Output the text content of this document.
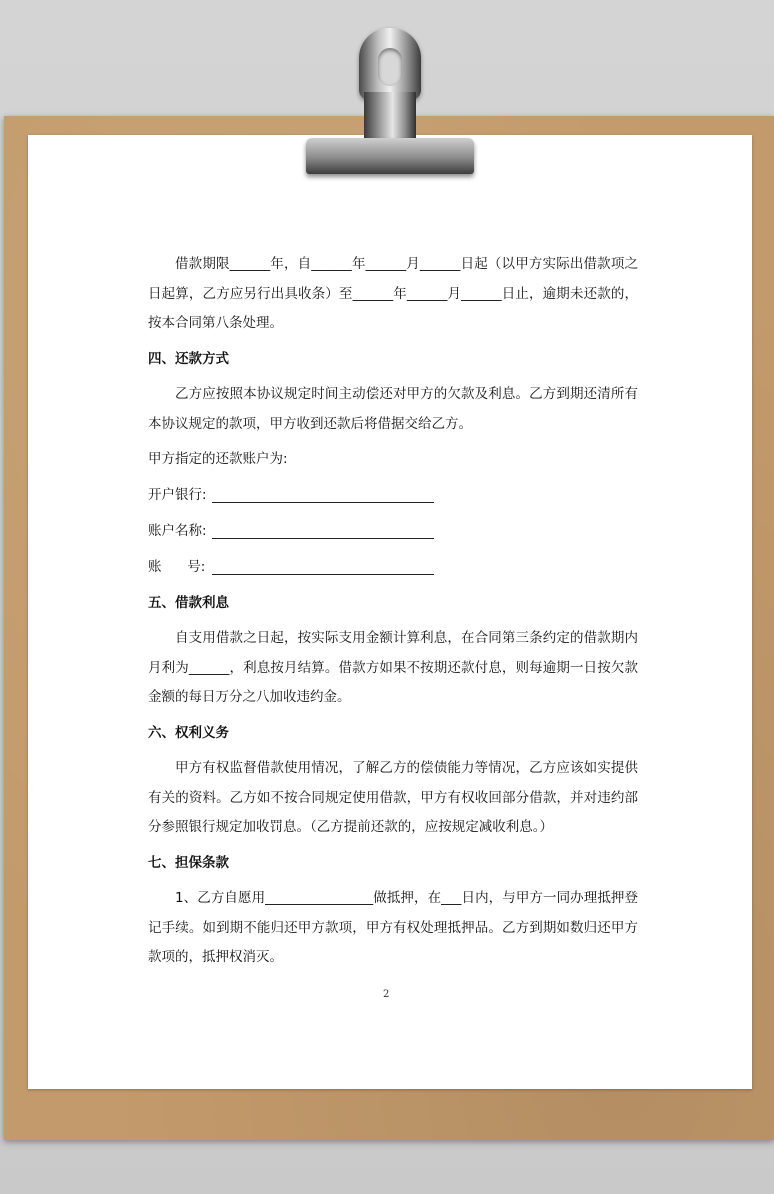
借款期限______年，自______年______月______日起（以甲方实际出借款项之日起算，乙方应另行出具收条）至______年______月______日止，逾期未还款的，按本合同第八条处理。

四、还款方式

乙方应按照本协议规定时间主动偿还对甲方的欠款及利息。乙方到期还清所有本协议规定的款项，甲方收到还款后将借据交给乙方。

甲方指定的还款账户为:

开户银行:
账户名称:
账      号:

五、借款利息

自支用借款之日起，按实际支用金额计算利息，在合同第三条约定的借款期内月利为______，利息按月结算。借款方如果不按期还款付息，则每逾期一日按欠款金额的每日万分之八加收违约金。

六、权利义务

甲方有权监督借款使用情况，了解乙方的偿债能力等情况，乙方应该如实提供有关的资料。乙方如不按合同规定使用借款，甲方有权收回部分借款，并对违约部分参照银行规定加收罚息。（乙方提前还款的，应按规定减收利息。）

七、担保条款

1、乙方自愿用________________做抵押，在___日内，与甲方一同办理抵押登记手续。如到期不能归还甲方款项，甲方有权处理抵押品。乙方到期如数归还甲方款项的，抵押权消灭。

2
